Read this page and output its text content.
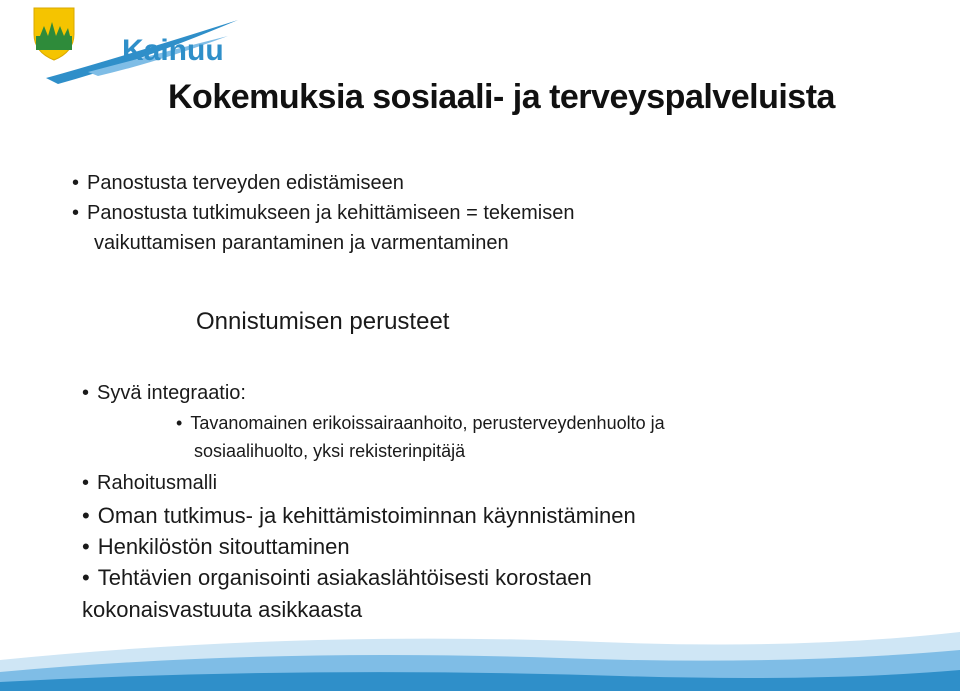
Kainuu
Kokemuksia sosiaali- ja terveyspalveluista
• Panostusta terveyden edistämiseen
• Panostusta tutkimukseen ja kehittämiseen = tekemisen
vaikuttamisen parantaminen ja varmentaminen
Onnistumisen perusteet
• Syvä integraatio:
• Tavanomainen erikoissairaanhoito, perusterveydenhuolto ja
sosiaalihuolto, yksi rekisterinpitäjä
• Rahoitusmalli
• Oman tutkimus- ja kehittämistoiminnan käynnistäminen
• Henkilöstön sitouttaminen
• Tehtävien organisointi asiakaslähtöisesti korostaen
kokonaisvastuuta asikkaasta
